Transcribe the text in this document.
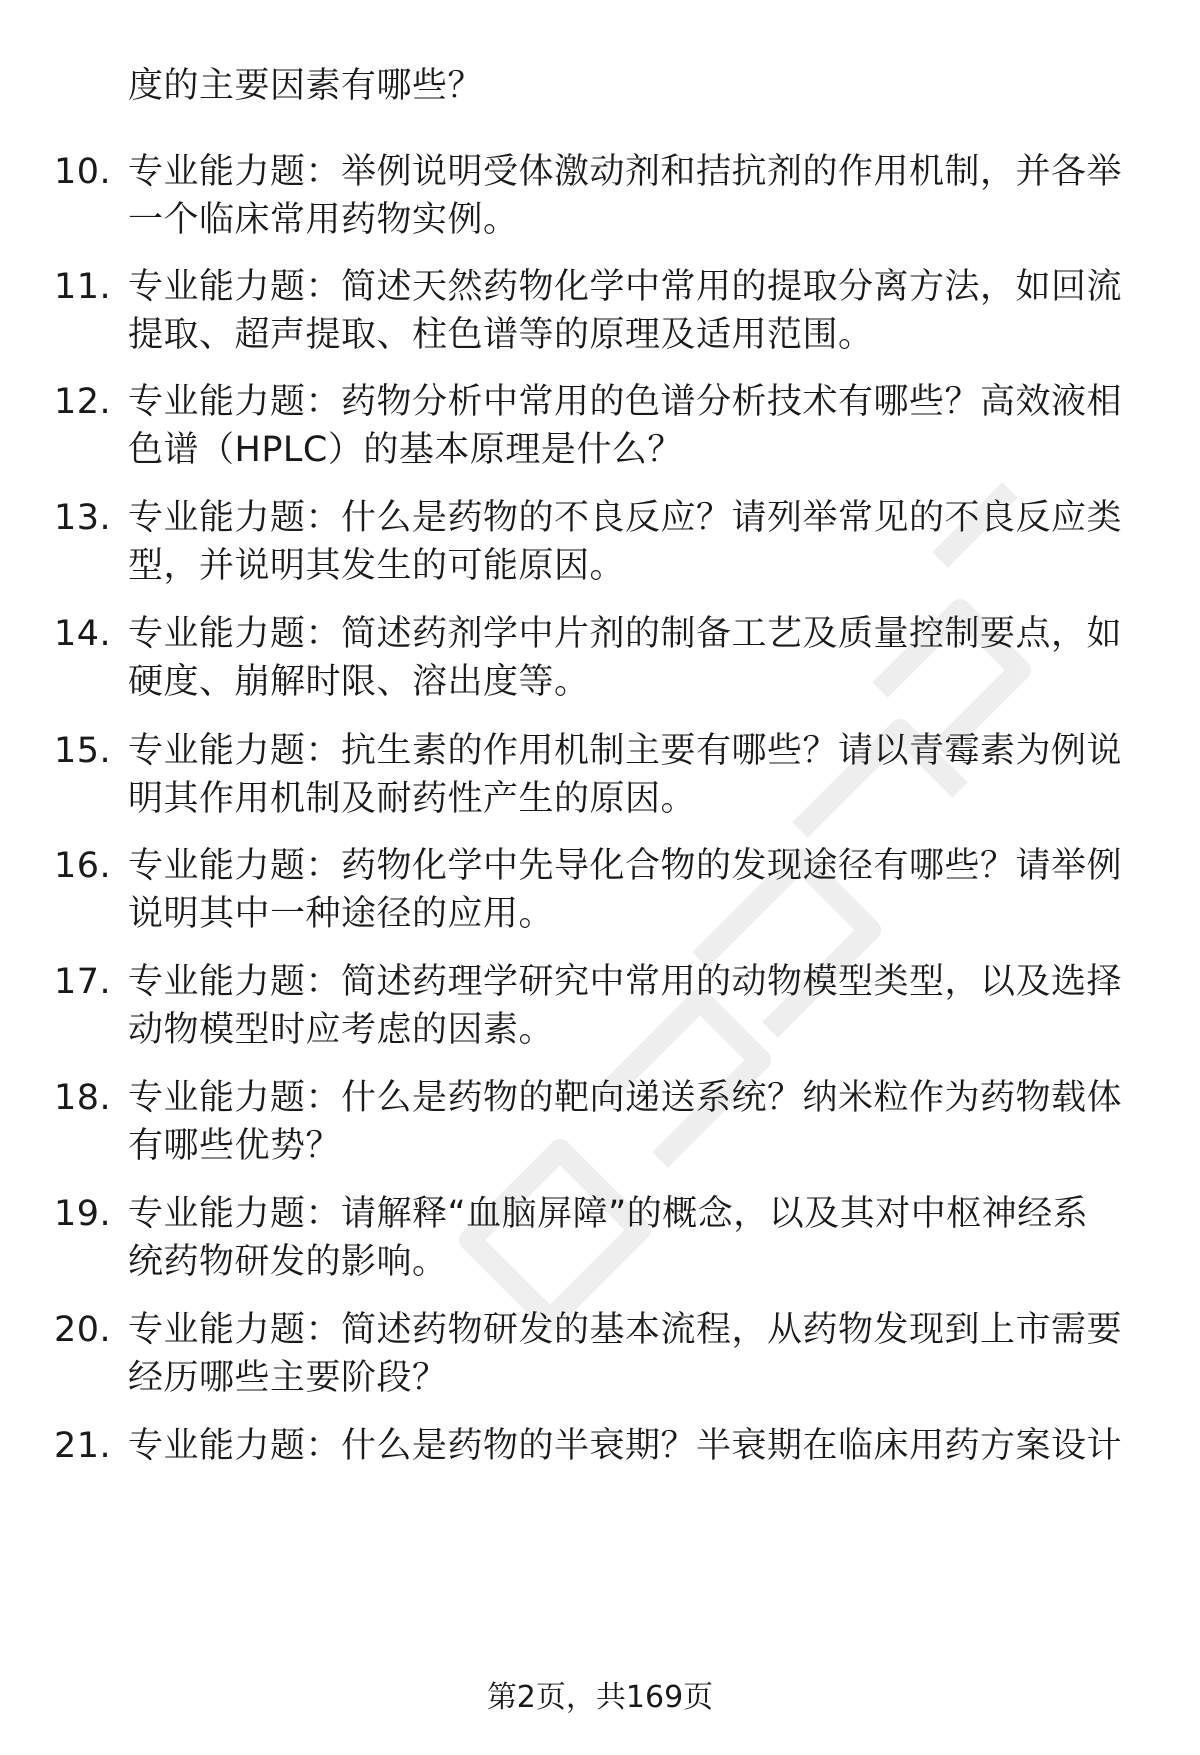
度的主要因素有哪些？
10. 专业能力题：举例说明受体激动剂和拮抗剂的作用机制，并各举
一个临床常用药物实例。
11. 专业能力题：简述天然药物化学中常用的提取分离方法，如回流
提取、超声提取、柱色谱等的原理及适用范围。
12. 专业能力题：药物分析中常用的色谱分析技术有哪些？高效液相
色谱（HPLC）的基本原理是什么？
13. 专业能力题：什么是药物的不良反应？请列举常见的不良反应类
型，并说明其发生的可能原因。
14. 专业能力题：简述药剂学中片剂的制备工艺及质量控制要点，如
硬度、崩解时限、溶出度等。
15. 专业能力题：抗生素的作用机制主要有哪些？请以青霉素为例说
明其作用机制及耐药性产生的原因。
16. 专业能力题：药物化学中先导化合物的发现途径有哪些？请举例
说明其中一种途径的应用。
17. 专业能力题：简述药理学研究中常用的动物模型类型，以及选择
动物模型时应考虑的因素。
18. 专业能力题：什么是药物的靶向递送系统？纳米粒作为药物载体
有哪些优势？
19. 专业能力题：请解释“血脑屏障”的概念，以及其对中枢神经系
统药物研发的影响。
20. 专业能力题：简述药物研发的基本流程，从药物发现到上市需要
经历哪些主要阶段？
21. 专业能力题：什么是药物的半衰期？半衰期在临床用药方案设计
第2页，共169页
